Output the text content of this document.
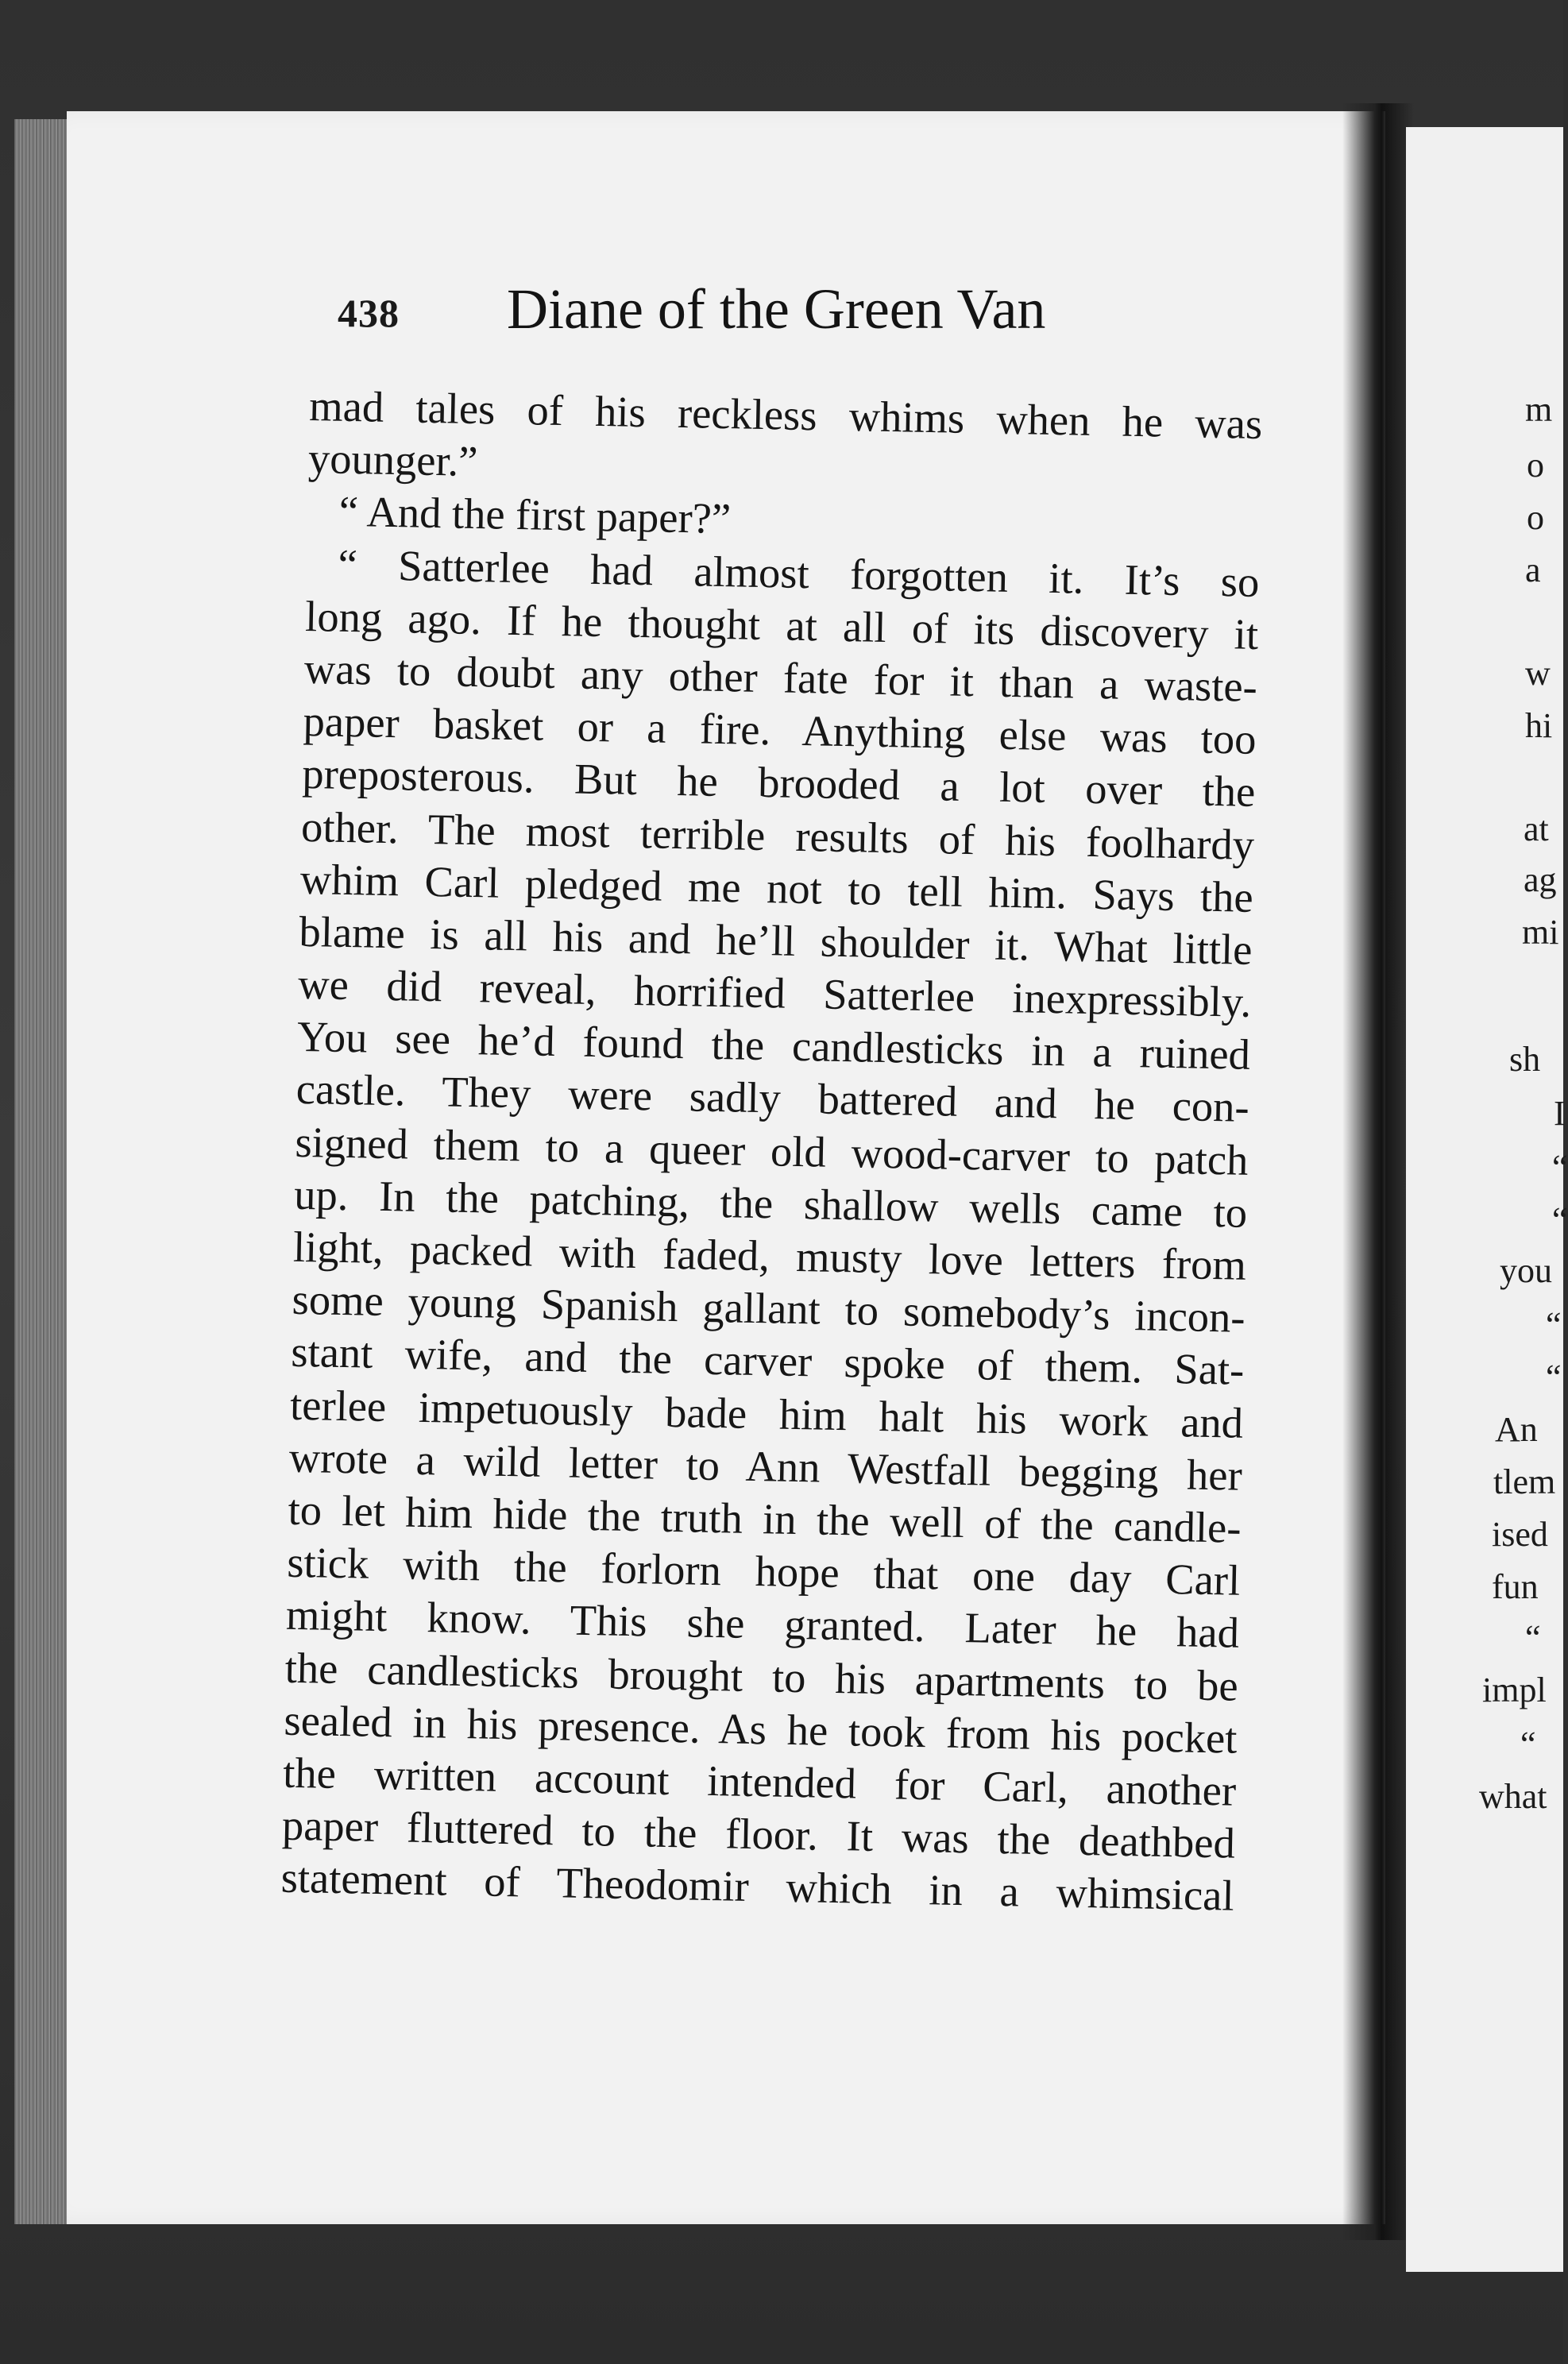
m
o
o
a
w
hi
at
ag
mi
sh
I
“
“
you
“
“
An
tlem
ised
fun
“
impl
“
what
438 Diane of the Green Van
mad tales of his reckless whims when he was
younger.”
“ And the first paper?”
“ Satterlee had almost forgotten it. It’s so
long ago. If he thought at all of its discovery it
was to doubt any other fate for it than a waste-
paper basket or a fire. Anything else was too
preposterous. But he brooded a lot over the
other. The most terrible results of his foolhardy
whim Carl pledged me not to tell him. Says the
blame is all his and he’ll shoulder it. What little
we did reveal, horrified Satterlee inexpressibly.
You see he’d found the candlesticks in a ruined
castle. They were sadly battered and he con-
signed them to a queer old wood-carver to patch
up. In the patching, the shallow wells came to
light, packed with faded, musty love letters from
some young Spanish gallant to somebody’s incon-
stant wife, and the carver spoke of them. Sat-
terlee impetuously bade him halt his work and
wrote a wild letter to Ann Westfall begging her
to let him hide the truth in the well of the candle-
stick with the forlorn hope that one day Carl
might know. This she granted. Later he had
the candlesticks brought to his apartments to be
sealed in his presence. As he took from his pocket
the written account intended for Carl, another
paper fluttered to the floor. It was the deathbed
statement of Theodomir which in a whimsical
